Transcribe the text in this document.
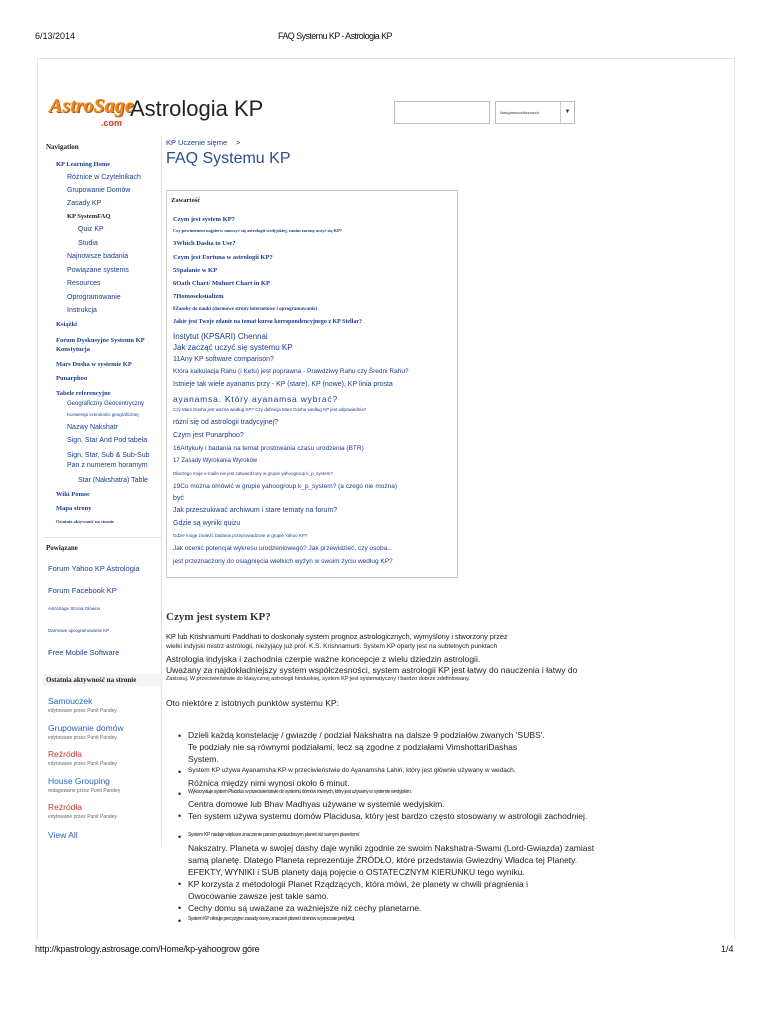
6/13/2014	FAQ Systemu KP - Astrologia KP
AstroSage
.com
Astrologia KP	Nadgarwoczdieirowch	▼
Navigation
KP Learning Home
Różnice w Czytelnikach
Grupowanie Domów
Zasady KP
KP SystemFAQ
Quiz KP
Studia
Najnowsze badania
Powiązane systems
Resources
Oprogramowanie
Instrukcja
Książki
Forum Dyskusyjne Systemu KP Konstytucja
Mars Dosha w systemie KP
Punarphoo
Tabele referencyjne
Geograficzny Geocentryczny
Konwersja szerokości geograficznej
Nazwy Nakshatr
Sign, Star And Pod tabela
Sign, Star, Sub & Sub-Sub Pan z numerem horamym
Star (Nakshatra) Table
Wiki Pomoc
Mapa strony
Ostatnia aktywność na stronie
Powiązane
Forum Yahoo KP Astrologia
Forum Facebook KP
AstroSage Strona Główna
Darmowe oprogramowanie KP
Free Mobile Software
Ostatnia aktywność na stronie
Samouczek
edytowane przez Punit Pandey
Grupowanie domów
edytowane przez Punit Pandey
Reźródła
edytowane przez Punit Pandey
House Grouping
redagowane przez Punit Pandey
Reźródła
edytowane przez Punit Pandey
View All
KP Uczenie sięme >
FAQ Systemu KP
Zawartość
Czym jest system KP?
Czy powinienem najpierw nauczyć się astrologii wedyjskiej, zanim zacznę uczyć się KP?
3Which Dasha to Use?
Czym jest Fortuna w astrologii KP?
5Spalanie w KP
6Oath Chart/ Muhurt Chart in KP
7Homoseksualizm
8Zasoby do nauki (darmowe strony internetowe i oprogramowanie)
Jakie jest Twoje zdanie na temat kursu korespondencyjnego z KP Stellar?
Instytut (KPSARI) Chennai
Jak zacząć uczyć się systemu KP
11Any KP software comparison?
Która kalkulacja Rahu (i Ketu) jest poprawna - Prawdziwy Rahu czy Średni Rahu?
Istnieje tak wiele ayanams przy - KP (stare), KP (nowe), KP linia prosta
ayanamsa. Który ayanamsa wybrać?
Czy Mars Dosha jest ważna według KP? Czy definicja Mars Dosha według KP jest odpowiednia?
różni się od astrologii tradycyjnej?
Czym jest Punarphoo?
16Artykuły i badania na temat prostowania czasu urodzenia (BTR)
17 Zasady Wyrokania Wyroków
Dlaczego moje e-maile nie jest zatwierdzony w grupie yahoogroup k_p_system?
19Co można omówić w grupie yahoogroup k_p_system? (a czego nie można)
być
Jak przeszukiwać archiwum i stare tematy na forum?
Gdzie są wyniki quizu
Gdzie mogę znaleźć badania przeprowadzone w grupie Yahoo KP?
Jak ocenić potencjał wykresu urodzeniowego? Jak przewidzieć, czy osoba...
jest przeznaczony do osiągnięcia wielkich wyżyn w swoim życiu według KP?
Czym jest system KP?
KP lub Krishnamurti Paddhati to doskonały system prognoz astrologicznych, wymyślony i stworzony przez
wielki indyjski mistrz astrologii, nieżyjący już prof. K.S. Krishnamurti. System KP oparty jest na subtelnych punktach
Astrologia indyjska i zachodnia czerpie ważne koncepcje z wielu dziedzin astrologii.
Uważany za najdokładniejszy system współczesności, system astrologii KP jest łatwy do nauczenia i łatwy do
Zastosuj. W przeciwieństwie do klasycznej astrologii hinduskiej, system KP jest systematyczny i bardzo dobrze zdefiniowany.
Oto niektóre z istotnych punktów systemu KP:
• Dzieli każdą konstelację / gwiazdę / podział Nakshatra na dalsze 9 podziałów zwanych 'SUBS'.
Te podziały nie są równymi podziałami, lecz są zgodne z podziałami VimshottariDashas
System.
• System KP używa Ayanamsha KP w przeciwieństwie do Ayanamsha Lahiri, który jest głównie używany w wedach.
Różnica między nimi wynosi około 6 minut.
• Wykorzystuje system Placidus w przeciwieństwie do systemu domów równych, który jest używany w systemie wedyjskim.
Centra domowe lub Bhav Madhyas używane w systemie wedyjskim.
• Ten system używa systemu domów Placidusa, który jest bardzo często stosowany w astrologii zachodniej.
• System KP nadaje większe znaczenie panom gwiazdowym planet niż samym planetom/
Nakszatry. Planeta w swojej dashy daje wyniki zgodnie ze swoim Nakshatra-Swami (Lord-Gwiazda) zamiast
samą planetę. Dlatego Planeta reprezentuje ŹRÓDŁO, które przedstawia Gwiezdny Władca tej Planety.
EFEKTY, WYNIKI i SUB planety dają pojęcie o OSTATECZNYM KIERUNKU tego wyniku.
• KP korzysta z metodologii Planet Rządzących, która mówi, że planety w chwili pragnienia i
Owocowanie zawsze jest takie samo.
• Cechy domu są uważane za ważniejsze niż cechy planetarne.
• System KP oferuje precyzyjne zasady oceny znaczeń planet i domów w procesie predykcji.
http://kpastrology.astrosage.com/Home/kp-yahoogrow góre	1/4
